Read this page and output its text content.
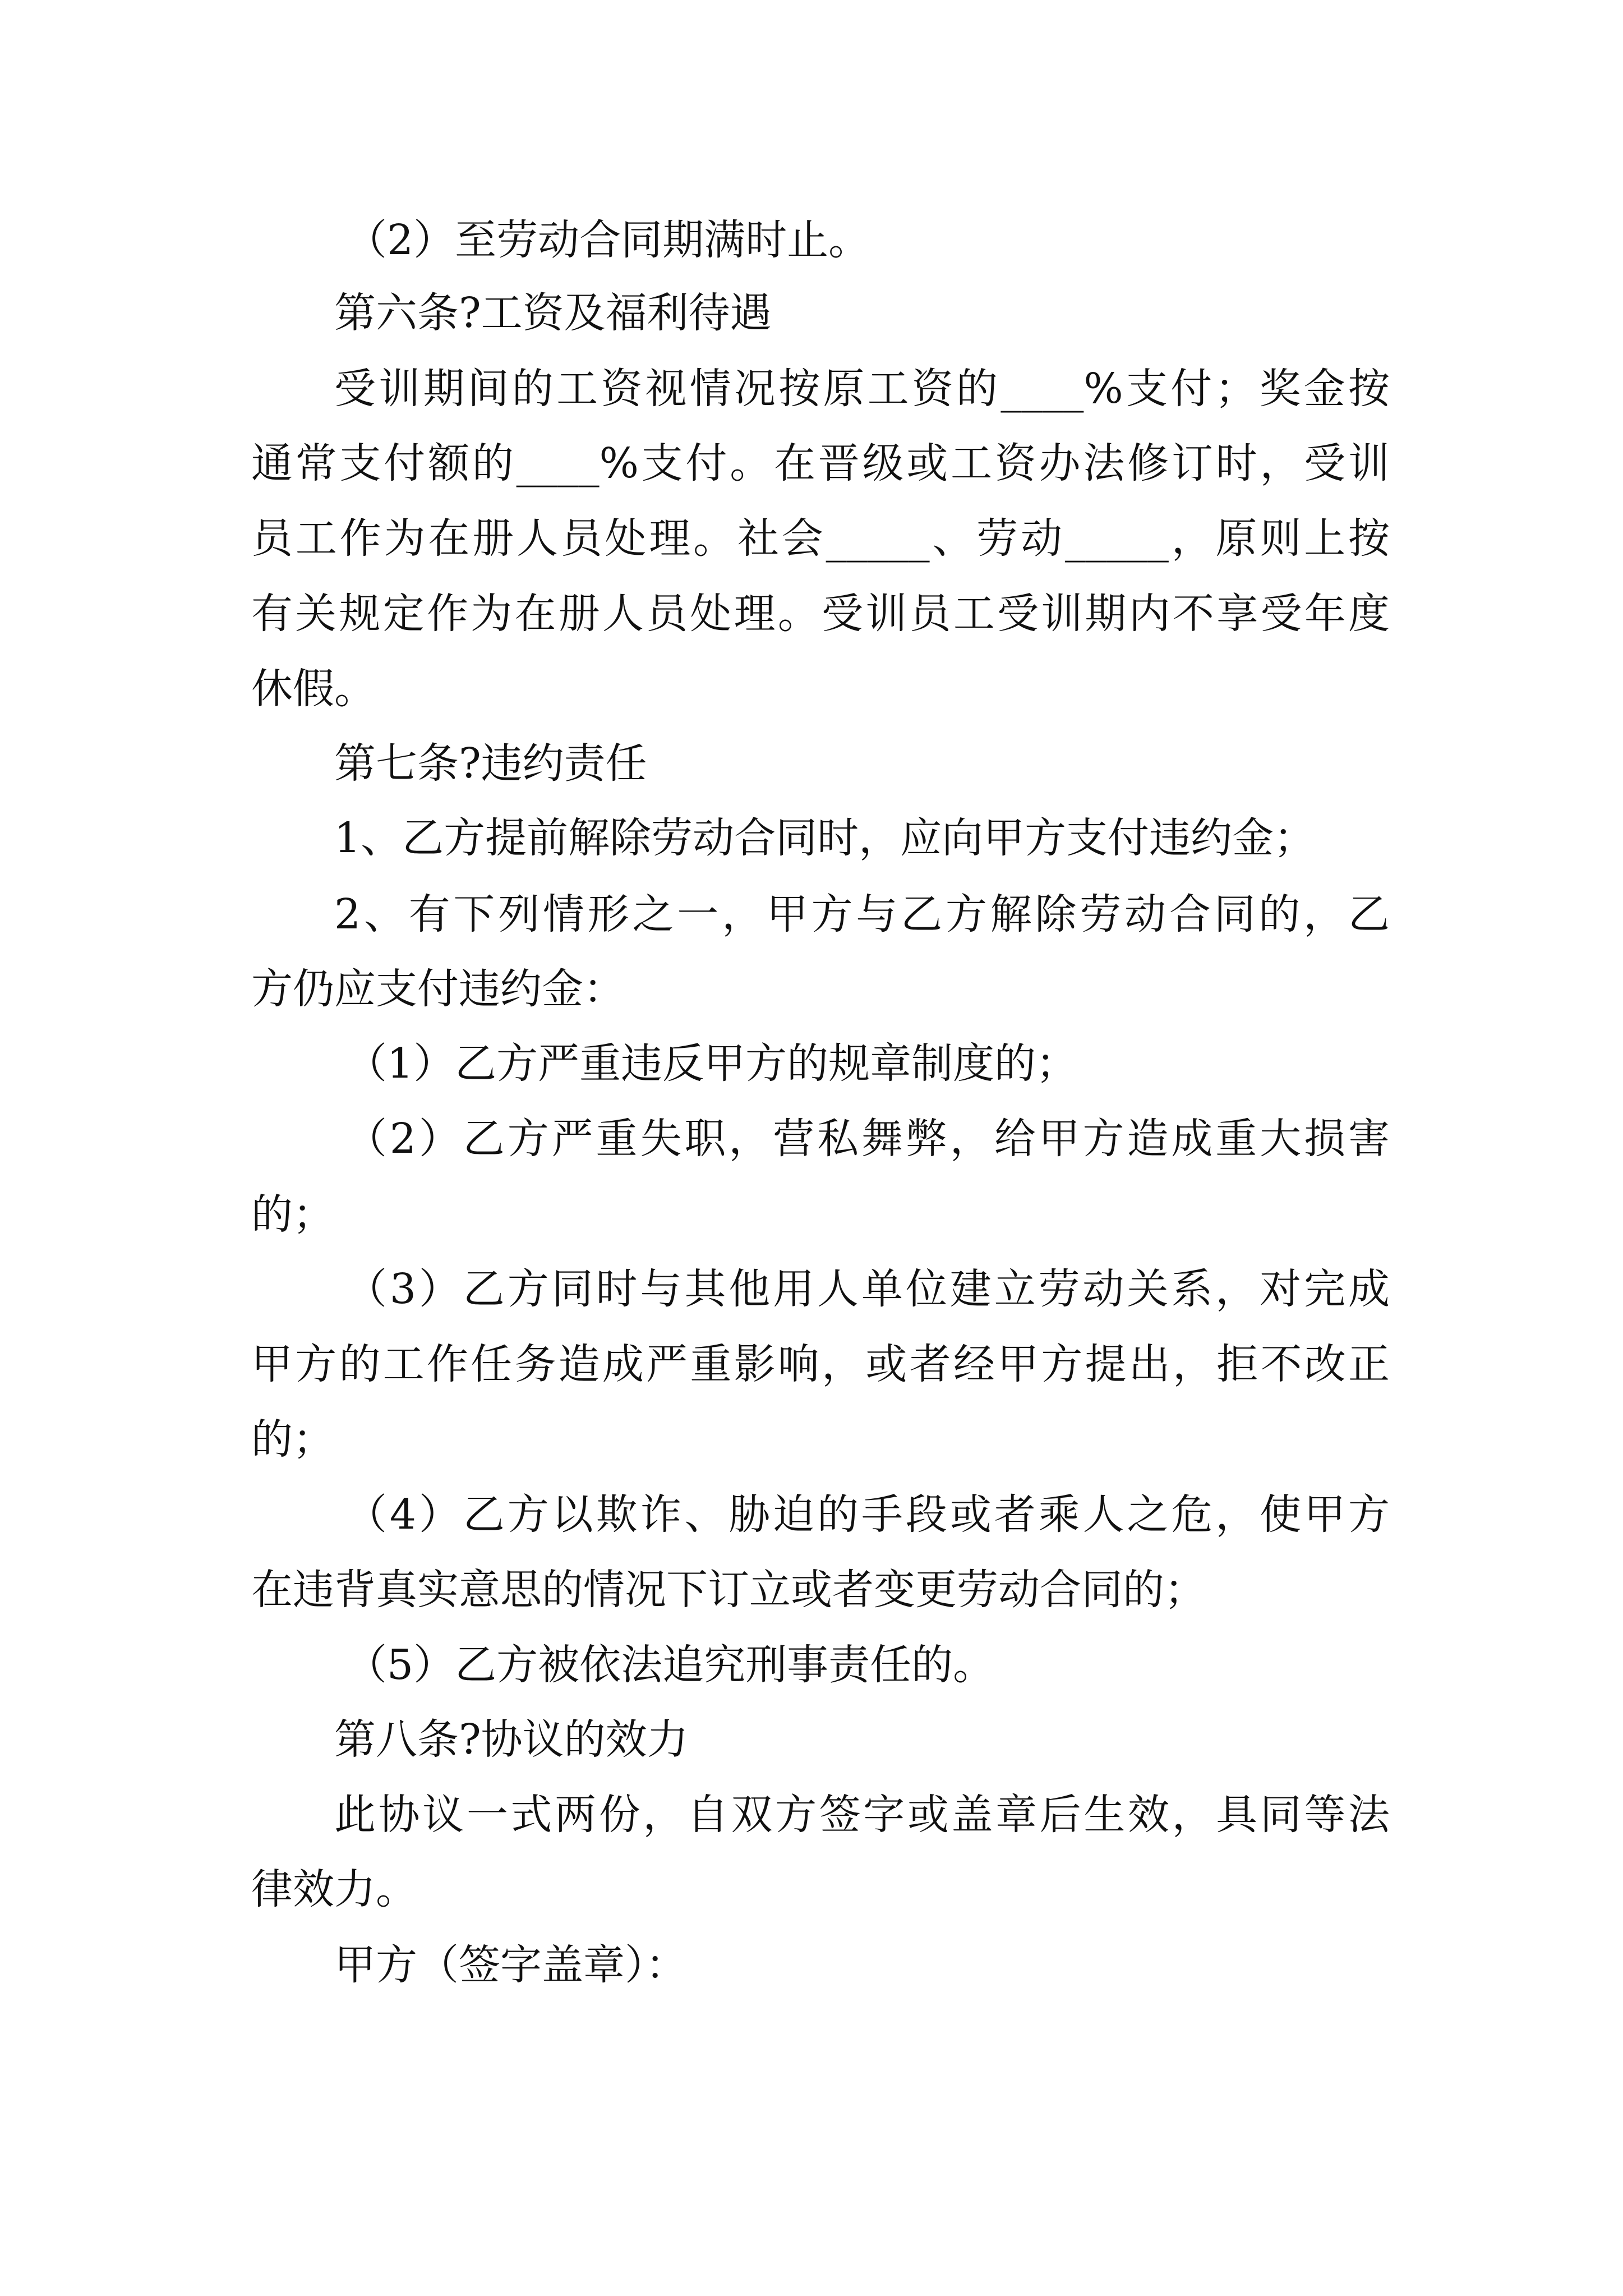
（2）至劳动合同期满时止。
第六条?工资及福利待遇
受训期间的工资视情况按原工资的____%支付；奖金按
通常支付额的____%支付。在晋级或工资办法修订时，受训
员工作为在册人员处理。社会_____、劳动_____，原则上按
有关规定作为在册人员处理。受训员工受训期内不享受年度
休假。
第七条?违约责任
1、乙方提前解除劳动合同时，应向甲方支付违约金；
2、有下列情形之一，甲方与乙方解除劳动合同的，乙
方仍应支付违约金：
（1）乙方严重违反甲方的规章制度的；
（2）乙方严重失职，营私舞弊，给甲方造成重大损害
的；
（3）乙方同时与其他用人单位建立劳动关系，对完成
甲方的工作任务造成严重影响，或者经甲方提出，拒不改正
的；
（4）乙方以欺诈、胁迫的手段或者乘人之危，使甲方
在违背真实意思的情况下订立或者变更劳动合同的；
（5）乙方被依法追究刑事责任的。
第八条?协议的效力
此协议一式两份，自双方签字或盖章后生效，具同等法
律效力。
甲方（签字盖章）：
